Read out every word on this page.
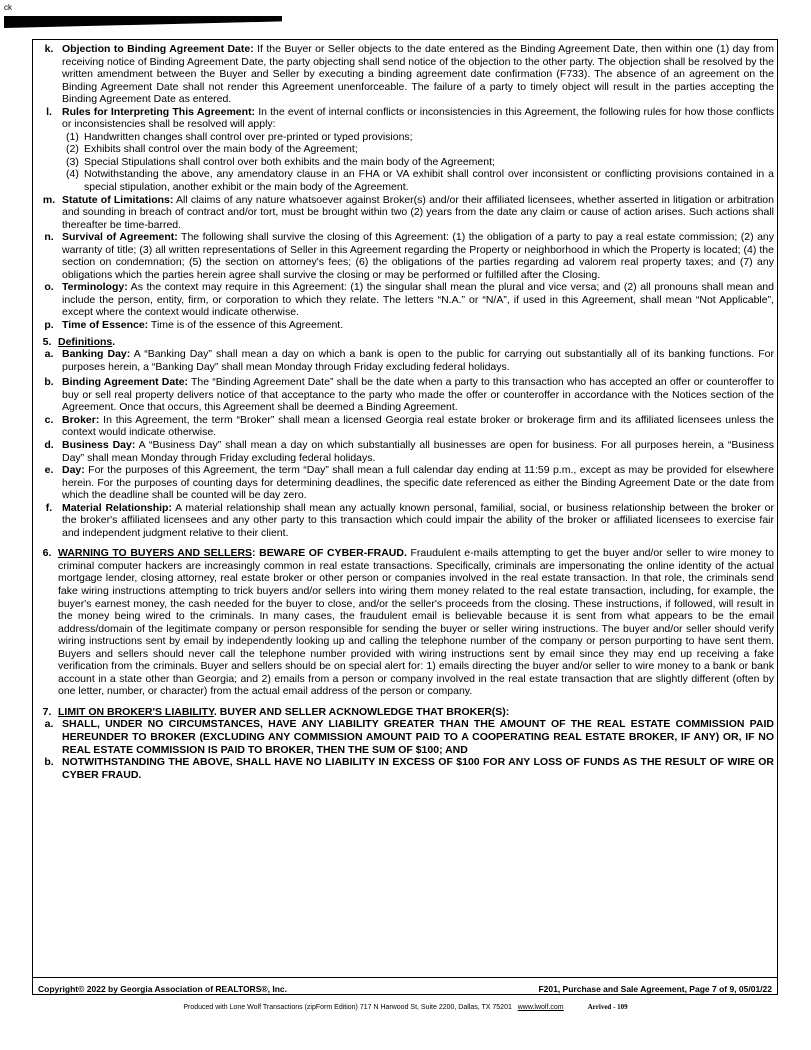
ck
k. Objection to Binding Agreement Date: If the Buyer or Seller objects to the date entered as the Binding Agreement Date, then within one (1) day from receiving notice of Binding Agreement Date, the party objecting shall send notice of the objection to the other party. The objection shall be resolved by the written amendment between the Buyer and Seller by executing a binding agreement date confirmation (F733). The absence of an agreement on the Binding Agreement Date shall not render this Agreement unenforceable. The failure of a party to timely object will result in the parties accepting the Binding Agreement Date as entered.
l. Rules for Interpreting This Agreement: In the event of internal conflicts or inconsistencies in this Agreement, the following rules for how those conflicts or inconsistencies shall be resolved will apply:
(1) Handwritten changes shall control over pre-printed or typed provisions;
(2) Exhibits shall control over the main body of the Agreement;
(3) Special Stipulations shall control over both exhibits and the main body of the Agreement;
(4) Notwithstanding the above, any amendatory clause in an FHA or VA exhibit shall control over inconsistent or conflicting provisions contained in a special stipulation, another exhibit or the main body of the Agreement.
m. Statute of Limitations: All claims of any nature whatsoever against Broker(s) and/or their affiliated licensees, whether asserted in litigation or arbitration and sounding in breach of contract and/or tort, must be brought within two (2) years from the date any claim or cause of action arises. Such actions shall thereafter be time-barred.
n. Survival of Agreement: The following shall survive the closing of this Agreement: (1) the obligation of a party to pay a real estate commission; (2) any warranty of title; (3) all written representations of Seller in this Agreement regarding the Property or neighborhood in which the Property is located; (4) the section on condemnation; (5) the section on attorney's fees; (6) the obligations of the parties regarding ad valorem real property taxes; and (7) any obligations which the parties herein agree shall survive the closing or may be performed or fulfilled after the Closing.
o. Terminology: As the context may require in this Agreement: (1) the singular shall mean the plural and vice versa; and (2) all pronouns shall mean and include the person, entity, firm, or corporation to which they relate. The letters “N.A.” or “N/A”, if used in this Agreement, shall mean “Not Applicable”, except where the context would indicate otherwise.
p. Time of Essence: Time is of the essence of this Agreement.
5. Definitions.
a. Banking Day: A “Banking Day” shall mean a day on which a bank is open to the public for carrying out substantially all of its banking functions. For purposes herein, a “Banking Day” shall mean Monday through Friday excluding federal holidays.
b. Binding Agreement Date: The “Binding Agreement Date” shall be the date when a party to this transaction who has accepted an offer or counteroffer to buy or sell real property delivers notice of that acceptance to the party who made the offer or counteroffer in accordance with the Notices section of the Agreement. Once that occurs, this Agreement shall be deemed a Binding Agreement.
c. Broker: In this Agreement, the term “Broker” shall mean a licensed Georgia real estate broker or brokerage firm and its affiliated licensees unless the context would indicate otherwise.
d. Business Day: A “Business Day” shall mean a day on which substantially all businesses are open for business. For all purposes herein, a “Business Day” shall mean Monday through Friday excluding federal holidays.
e. Day: For the purposes of this Agreement, the term “Day” shall mean a full calendar day ending at 11:59 p.m., except as may be provided for elsewhere herein. For the purposes of counting days for determining deadlines, the specific date referenced as either the Binding Agreement Date or the date from which the deadline shall be counted will be day zero.
f. Material Relationship: A material relationship shall mean any actually known personal, familial, social, or business relationship between the broker or the broker's affiliated licensees and any other party to this transaction which could impair the ability of the broker or affiliated licensees to exercise fair and independent judgment relative to their client.
6. WARNING TO BUYERS AND SELLERS: BEWARE OF CYBER-FRAUD. Fraudulent e-mails attempting to get the buyer and/or seller to wire money to criminal computer hackers are increasingly common in real estate transactions. Specifically, criminals are impersonating the online identity of the actual mortgage lender, closing attorney, real estate broker or other person or companies involved in the real estate transaction. In that role, the criminals send fake wiring instructions attempting to trick buyers and/or sellers into wiring them money related to the real estate transaction, including, for example, the buyer's earnest money, the cash needed for the buyer to close, and/or the seller's proceeds from the closing. These instructions, if followed, will result in the money being wired to the criminals. In many cases, the fraudulent email is believable because it is sent from what appears to be the email address/domain of the legitimate company or person responsible for sending the buyer or seller wiring instructions. The buyer and/or seller should verify wiring instructions sent by email by independently looking up and calling the telephone number of the company or person purporting to have sent them. Buyers and sellers should never call the telephone number provided with wiring instructions sent by email since they may end up receiving a fake verification from the criminals. Buyer and sellers should be on special alert for: 1) emails directing the buyer and/or seller to wire money to a bank or bank account in a state other than Georgia; and 2) emails from a person or company involved in the real estate transaction that are slightly different (often by one letter, number, or character) from the actual email address of the person or company.
7. LIMIT ON BROKER'S LIABILITY. BUYER AND SELLER ACKNOWLEDGE THAT BROKER(S):
a. SHALL, UNDER NO CIRCUMSTANCES, HAVE ANY LIABILITY GREATER THAN THE AMOUNT OF THE REAL ESTATE COMMISSION PAID HEREUNDER TO BROKER (EXCLUDING ANY COMMISSION AMOUNT PAID TO A COOPERATING REAL ESTATE BROKER, IF ANY) OR, IF NO REAL ESTATE COMMISSION IS PAID TO BROKER, THEN THE SUM OF $100; AND
b. NOTWITHSTANDING THE ABOVE, SHALL HAVE NO LIABILITY IN EXCESS OF $100 FOR ANY LOSS OF FUNDS AS THE RESULT OF WIRE OR CYBER FRAUD.
Copyright© 2022 by Georgia Association of REALTORS®, Inc.	F201, Purchase and Sale Agreement, Page 7 of 9, 05/01/22
Produced with Lone Wolf Transactions (zipForm Edition) 717 N Harwood St, Suite 2200, Dallas, TX 75201 www.lwolf.com	Arrived - 109
